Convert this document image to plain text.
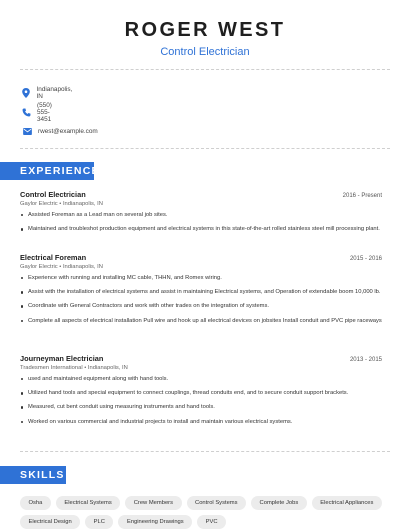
ROGER WEST
Control Electrician
Indianapolis, IN
(550) 555-3451
rwest@example.com
EXPERIENCE
Control Electrician	2016 - Present
Gaylor Electric • Indianapolis, IN
Assisted Foreman as a Lead man on several job sites.
Maintained and troubleshot production equipment and electrical systems in this state-of-the-art rolled stainless steel mill processing plant.
Electrical Foreman	2015 - 2016
Gaylor Electric • Indianapolis, IN
Experience with running and installing MC cable, THHN, and Romex wiring.
Assist with the installation of electrical systems and assist in maintaining Electrical systems, and Operation of extendable boom 10,000 lb.
Coordinate with General Contractors and work with other trades on the integration of systems.
Complete all aspects of electrical installation Pull wire and hook up all electrical devices on jobsites Install conduit and PVC pipe raceways
Journeyman Electrician	2013 - 2015
Tradesmen International • Indianapolis, IN
used and maintained equipment along with hand tools.
Utilized hand tools and special equipment to connect couplings, thread conduits end, and to secure conduit support brackets.
Measured, cut bent conduit using measuring instruments and hand tools.
Worked on various commercial and industrial projects to install and maintain various electrical systems.
SKILLS
Osha	Electrical Systems	Crew Members	Control Systems	Complete Jobs	Electrical Appliances
Electrical Design	PLC	Engineering Drawings	PVC
